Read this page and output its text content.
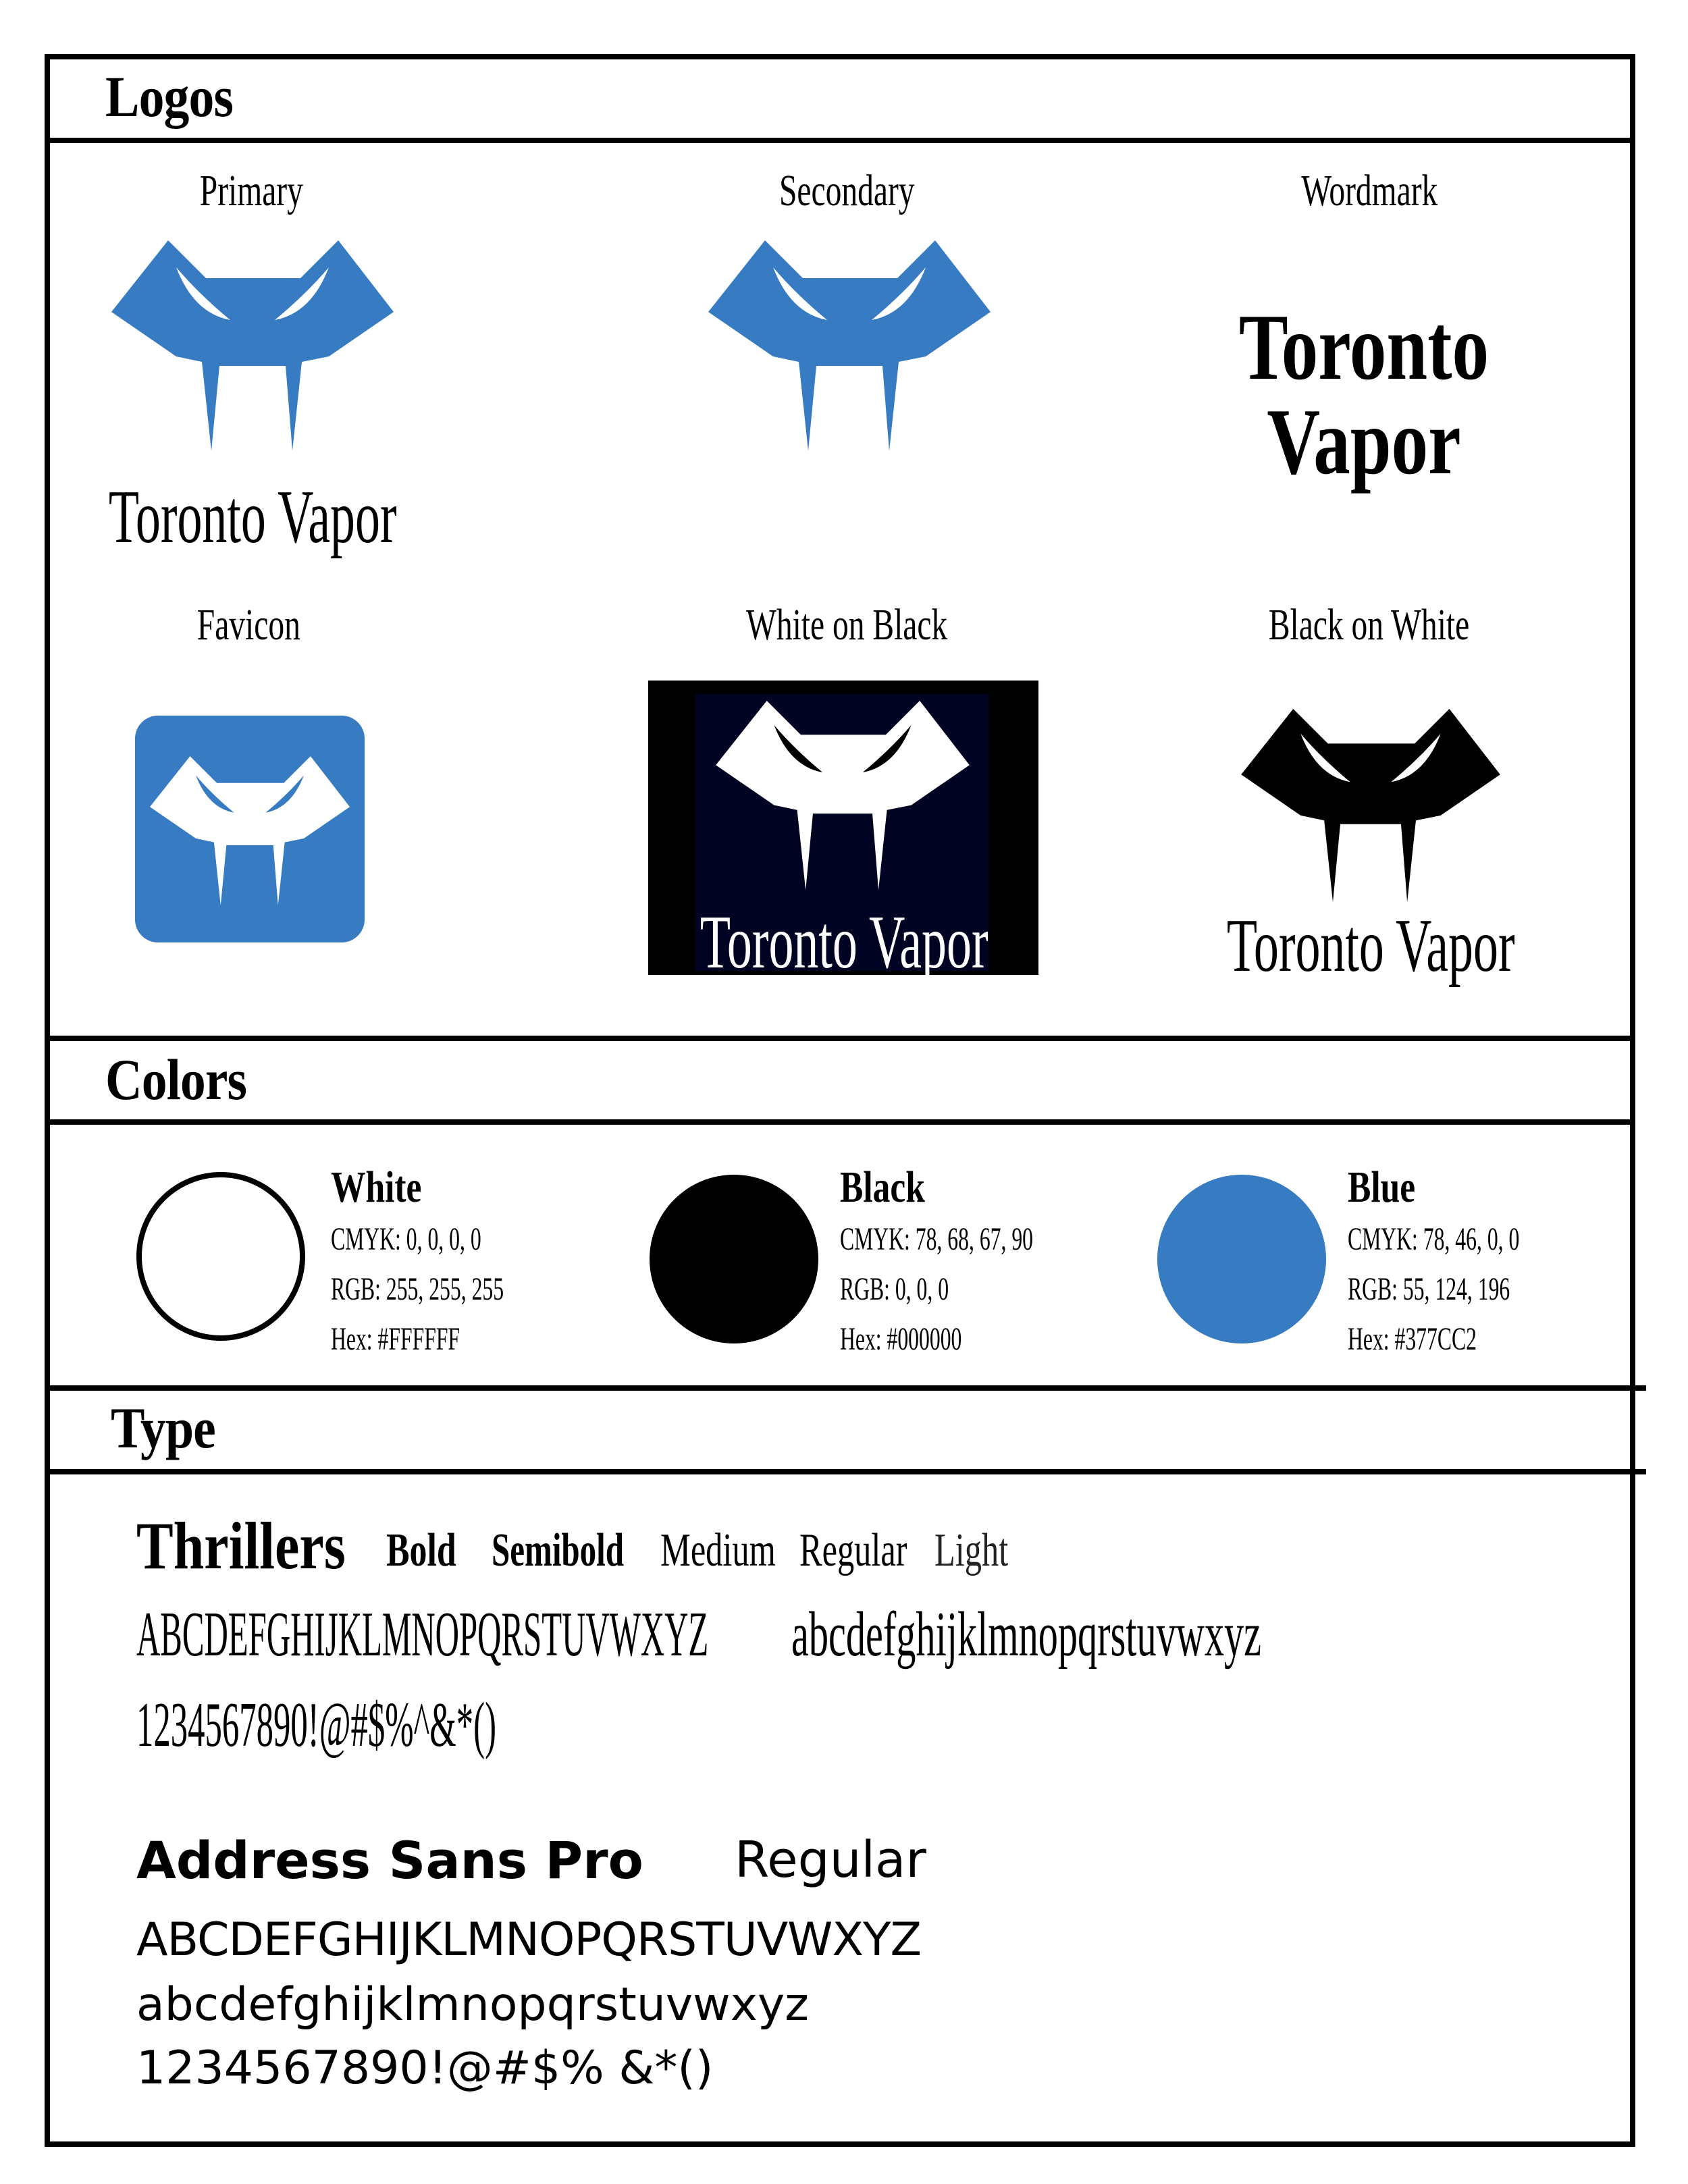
Logos
Colors
Type
Primary
Toronto Vapor
Secondary	Wordmark
Toronto Vapor
Favicon	White on Black
Toronto Vapor
Black on White
Toronto Vapor
White
CMYK: 0, 0, 0, 0
RGB: 255, 255, 255
Hex: #FFFFFF
Black
CMYK: 78, 68, 67, 90
RGB: 0, 0, 0
Hex: #000000
Blue
CMYK: 78, 46, 0, 0
RGB: 55, 124, 196
Hex: #377CC2
Thrillers Bold Semibold Medium Regular Light
ABCDEFGHIJKLMNOPQRSTUVWXYZ abcdefghijklmnopqrstuvwxyz
1234567890!@#$%^&*()
Address Sans Pro Regular
ABCDEFGHIJKLMNOPQRSTUVWXYZ
abcdefghijklmnopqrstuvwxyz
1234567890!@#$% &*()
